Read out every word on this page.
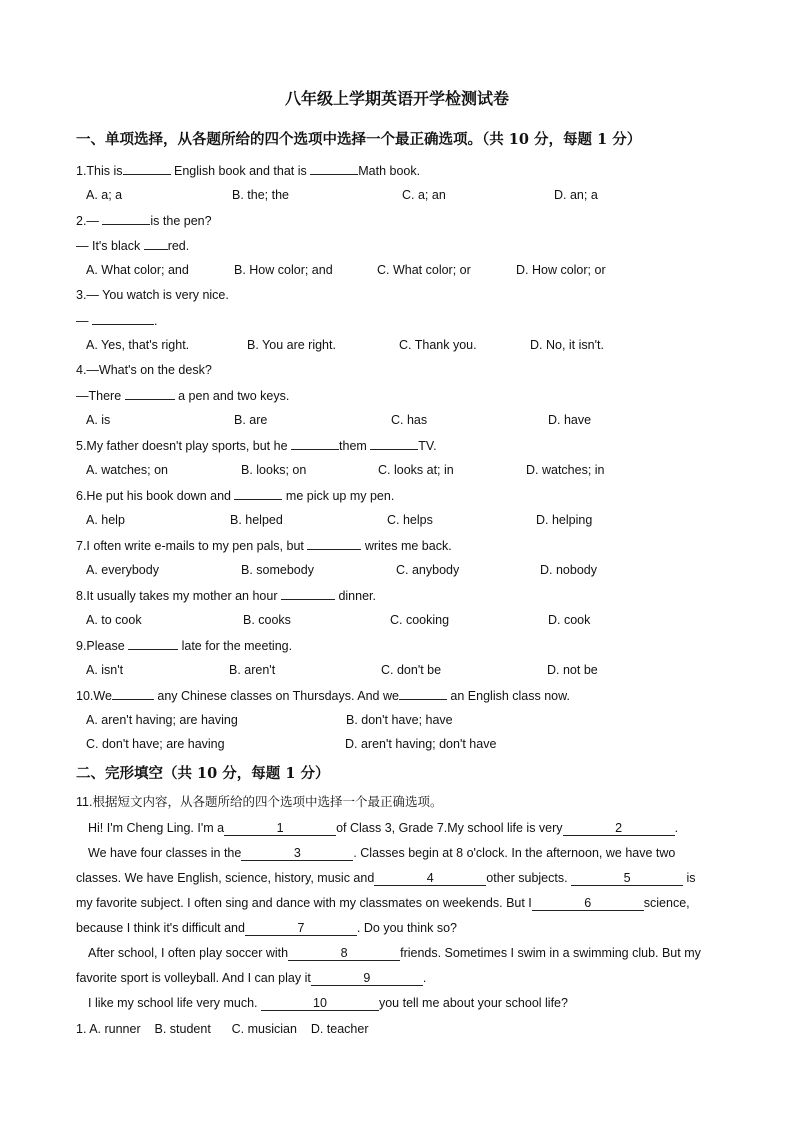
八年级上学期英语开学检测试卷
一、单项选择，从各题所给的四个选项中选择一个最正确选项。（共 10 分，每题 1 分）
1.This is	English book and that is	Math book.
A. a; a	B. the; the	C. a; an	D. an; a
2.—	is the pen?
— It's black red.
A. What color; and	B. How color; and	C. What color; or	D. How color; or
3.— You watch is very nice.
—	.
A. Yes, that's right.	B. You are right.	C. Thank you.	D. No, it isn't.
4.—What's on the desk?
—There	a pen and two keys.
A. is	B. are	C. has	D. have
5.My father doesn't play sports, but he	them	TV.
A. watches; on	B. looks; on	C. looks at; in	D. watches; in
6.He put his book down and	me pick up my pen.
A. help	B. helped	C. helps	D. helping
7.I often write e-mails to my pen pals, but	writes me back.
A. everybody	B. somebody	C. anybody	D. nobody
8.It usually takes my mother an hour	dinner.
A. to cook	B. cooks	C. cooking	D. cook
9.Please	late for the meeting.
A. isn't	B. aren't	C. don't be	D. not be
10.We	any Chinese classes on Thursdays. And we	an English class now.
A. aren't having; are having	B. don't have; have
C. don't have; are having	D. aren't having; don't have
二、完形填空（共 10 分，每题 1 分）
11.根据短文内容，从各题所给的四个选项中选择一个最正确选项。
Hi! I'm Cheng Ling. I'm a	1	of Class 3, Grade 7.My school life is very	2	.
We have four classes in the	3	. Classes begin at 8 o'clock. In the afternoon, we have two
classes. We have English, science, history, music and	4	other subjects.	5	is
my favorite subject. I often sing and dance with my classmates on weekends. But I	6	science,
because I think it's difficult and	7	. Do you think so?
After school, I often play soccer with	8	friends. Sometimes I swim in a swimming club. But my
favorite sport is volleyball. And I can play it	9	.
I like my school life very much.	10	you tell me about your school life?
1. A. runner    B. student      C. musician    D. teacher
